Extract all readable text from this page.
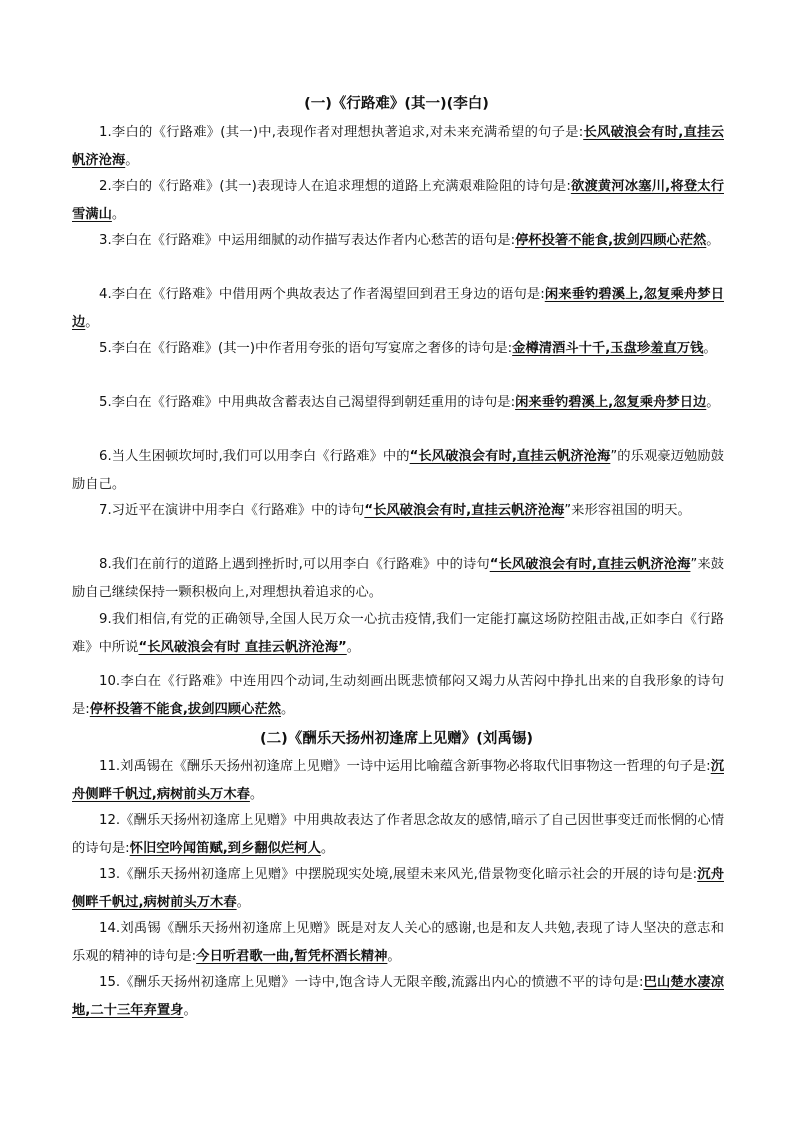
(一)《行路难》(其一)(李白)
1.李白的《行路难》(其一)中,表现作者对理想执著追求,对未来充满希望的句子是:长风破浪会有时,直挂云帆济沧海。
2.李白的《行路难》(其一)表现诗人在追求理想的道路上充满艰难险阻的诗句是:欲渡黄河冰塞川,将登太行雪满山。
3.李白在《行路难》中运用细腻的动作描写表达作者内心愁苦的语句是:停杯投箸不能食,拔剑四顾心茫然。
4.李白在《行路难》中借用两个典故表达了作者渴望回到君王身边的语句是:闲来垂钓碧溪上,忽复乘舟梦日边。
5.李白在《行路难》(其一)中作者用夸张的语句写宴席之奢侈的诗句是:金樽清酒斗十千,玉盘珍羞直万钱。
5.李白在《行路难》中用典故含蓄表达自己渴望得到朝廷重用的诗句是:闲来垂钓碧溪上,忽复乘舟梦日边。
6.当人生困顿坎坷时,我们可以用李白《行路难》中的“长风破浪会有时,直挂云帆济沧海”的乐观豪迈勉励鼓励自己。
7.习近平在演讲中用李白《行路难》中的诗句“长风破浪会有时,直挂云帆济沧海”来形容祖国的明天。
8.我们在前行的道路上遇到挫折时,可以用李白《行路难》中的诗句“长风破浪会有时,直挂云帆济沧海”来鼓励自己继续保持一颗积极向上,对理想执着追求的心。
9.我们相信,有党的正确领导,全国人民万众一心抗击疫情,我们一定能打赢这场防控阻击战,正如李白《行路难》中所说“长风破浪会有时 直挂云帆济沧海”。
10.李白在《行路难》中连用四个动词,生动刻画出既悲愤郁闷又竭力从苦闷中挣扎出来的自我形象的诗句是:停杯投箸不能食,拔剑四顾心茫然。
(二)《酬乐天扬州初逢席上见赠》(刘禹锡)
11.刘禹锡在《酬乐天扬州初逢席上见赠》一诗中运用比喻蕴含新事物必将取代旧事物这一哲理的句子是:沉舟侧畔千帆过,病树前头万木春。
12.《酬乐天扬州初逢席上见赠》中用典故表达了作者思念故友的感情,暗示了自己因世事变迁而怅惘的心情的诗句是:怀旧空吟闻笛赋,到乡翻似烂柯人。
13.《酬乐天扬州初逢席上见赠》中摆脱现实处境,展望未来风光,借景物变化暗示社会的开展的诗句是:沉舟侧畔千帆过,病树前头万木春。
14.刘禹锡《酬乐天扬州初逢席上见赠》既是对友人关心的感谢,也是和友人共勉,表现了诗人坚决的意志和乐观的精神的诗句是:今日听君歌一曲,暂凭杯酒长精神。
15.《酬乐天扬州初逢席上见赠》一诗中,饱含诗人无限辛酸,流露出内心的愤懑不平的诗句是:巴山楚水凄凉地,二十三年弃置身。
